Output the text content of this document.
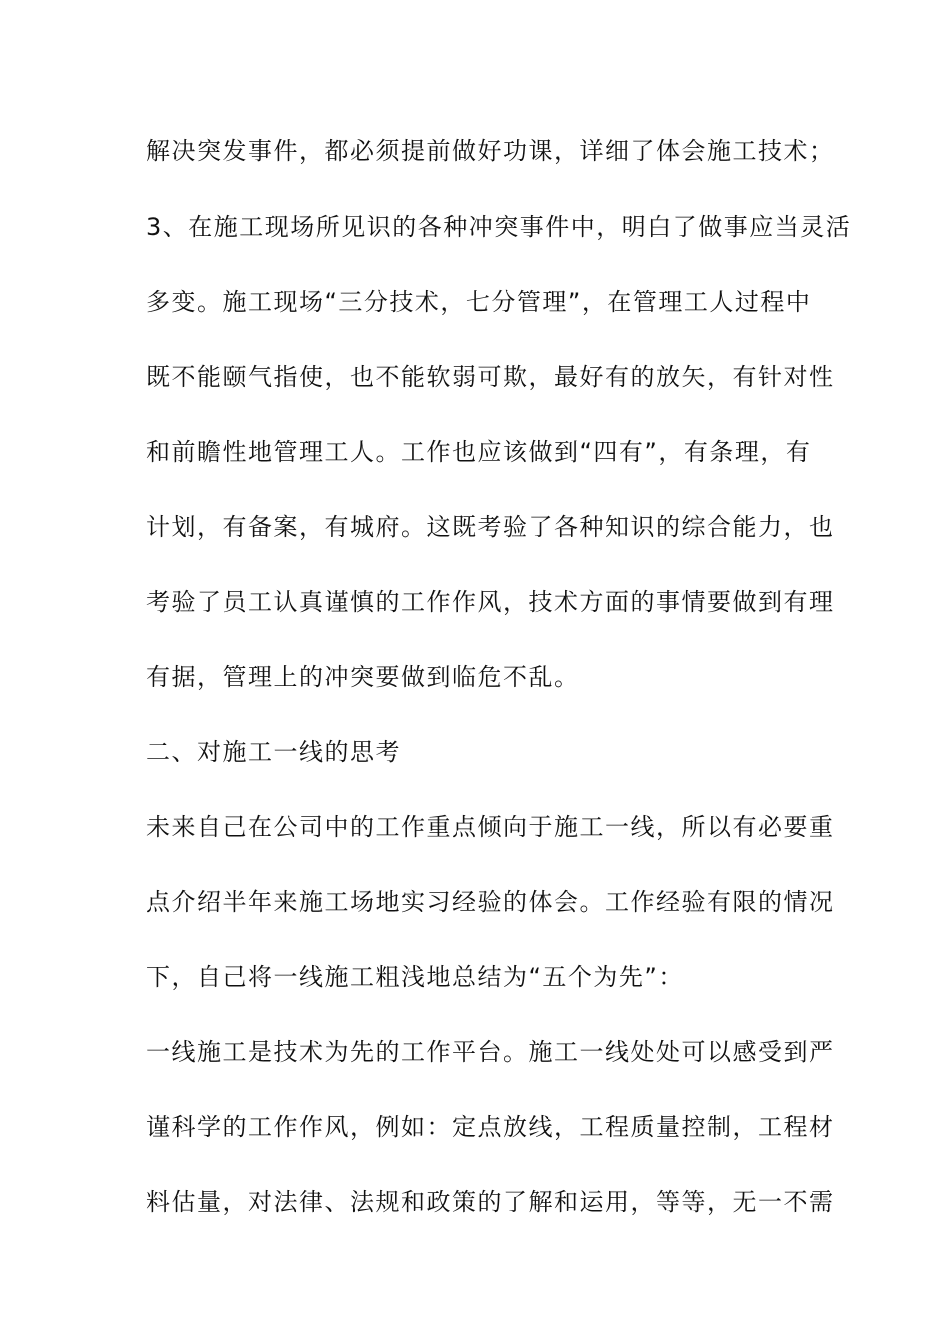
解决突发事件，都必须提前做好功课，详细了体会施工技术；
3、在施工现场所见识的各种冲突事件中，明白了做事应当灵活
多变。施工现场“三分技术，七分管理”，在管理工人过程中
既不能颐气指使，也不能软弱可欺，最好有的放矢，有针对性
和前瞻性地管理工人。工作也应该做到“四有”，有条理，有
计划，有备案，有城府。这既考验了各种知识的综合能力，也
考验了员工认真谨慎的工作作风，技术方面的事情要做到有理
有据，管理上的冲突要做到临危不乱。
二、对施工一线的思考
未来自己在公司中的工作重点倾向于施工一线，所以有必要重
点介绍半年来施工场地实习经验的体会。工作经验有限的情况
下，自己将一线施工粗浅地总结为“五个为先”：
一线施工是技术为先的工作平台。施工一线处处可以感受到严
谨科学的工作作风，例如：定点放线，工程质量控制，工程材
料估量，对法律、法规和政策的了解和运用，等等，无一不需
